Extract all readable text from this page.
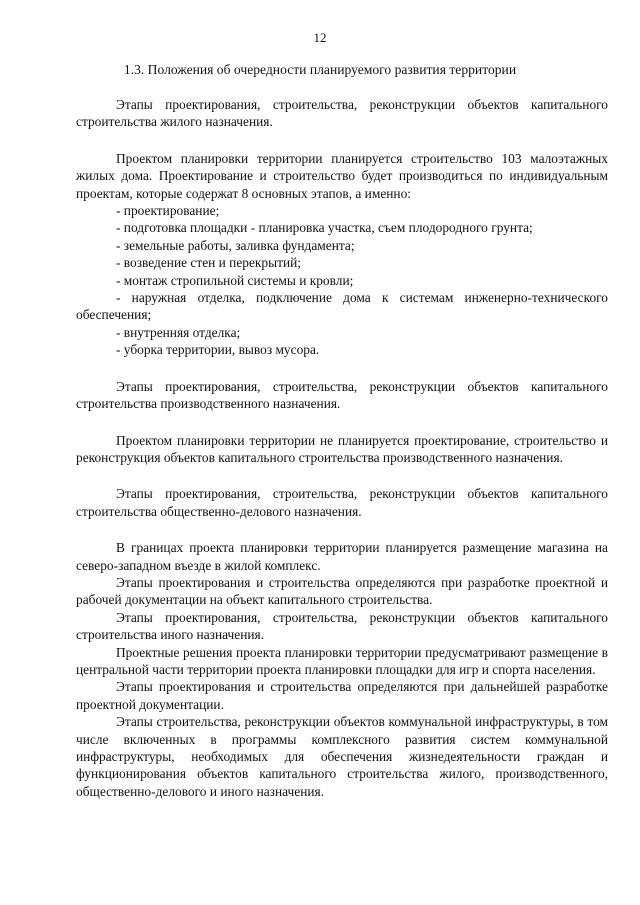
12
1.3. Положения об очередности планируемого развития территории

Этапы проектирования, строительства, реконструкции объектов капитального строительства жилого назначения.

Проектом планировки территории планируется строительство 103 малоэтажных жилых дома. Проектирование и строительство будет производиться по индивидуальным проектам, которые содержат 8 основных этапов, а именно:

- проектирование;

- подготовка площадки - планировка участка, съем плодородного грунта;

- земельные работы, заливка фундамента;

- возведение стен и перекрытий;

- монтаж стропильной системы и кровли;

- наружная отделка, подключение дома к системам инженерно-технического обеспечения;

- внутренняя отделка;

- уборка территории, вывоз мусора.

Этапы проектирования, строительства, реконструкции объектов капитального строительства производственного назначения.

Проектом планировки территории не планируется проектирование, строительство и реконструкция объектов капитального строительства производственного назначения.

Этапы проектирования, строительства, реконструкции объектов капитального строительства общественно-делового назначения.

В границах проекта планировки территории планируется размещение магазина на северо-западном въезде в жилой комплекс.

Этапы проектирования и строительства определяются при разработке проектной и рабочей документации на объект капитального строительства.

Этапы проектирования, строительства, реконструкции объектов капитального строительства иного назначения.

Проектные решения проекта планировки территории предусматривают размещение в центральной части территории проекта планировки площадки для игр и спорта населения.

Этапы проектирования и строительства определяются при дальнейшей разработке проектной документации.

Этапы строительства, реконструкции объектов коммунальной инфраструктуры, в том числе включенных в программы комплексного развития систем коммунальной инфраструктуры, необходимых для обеспечения жизнедеятельности граждан и функционирования объектов капитального строительства жилого, производственного, общественно-делового и иного назначения.
